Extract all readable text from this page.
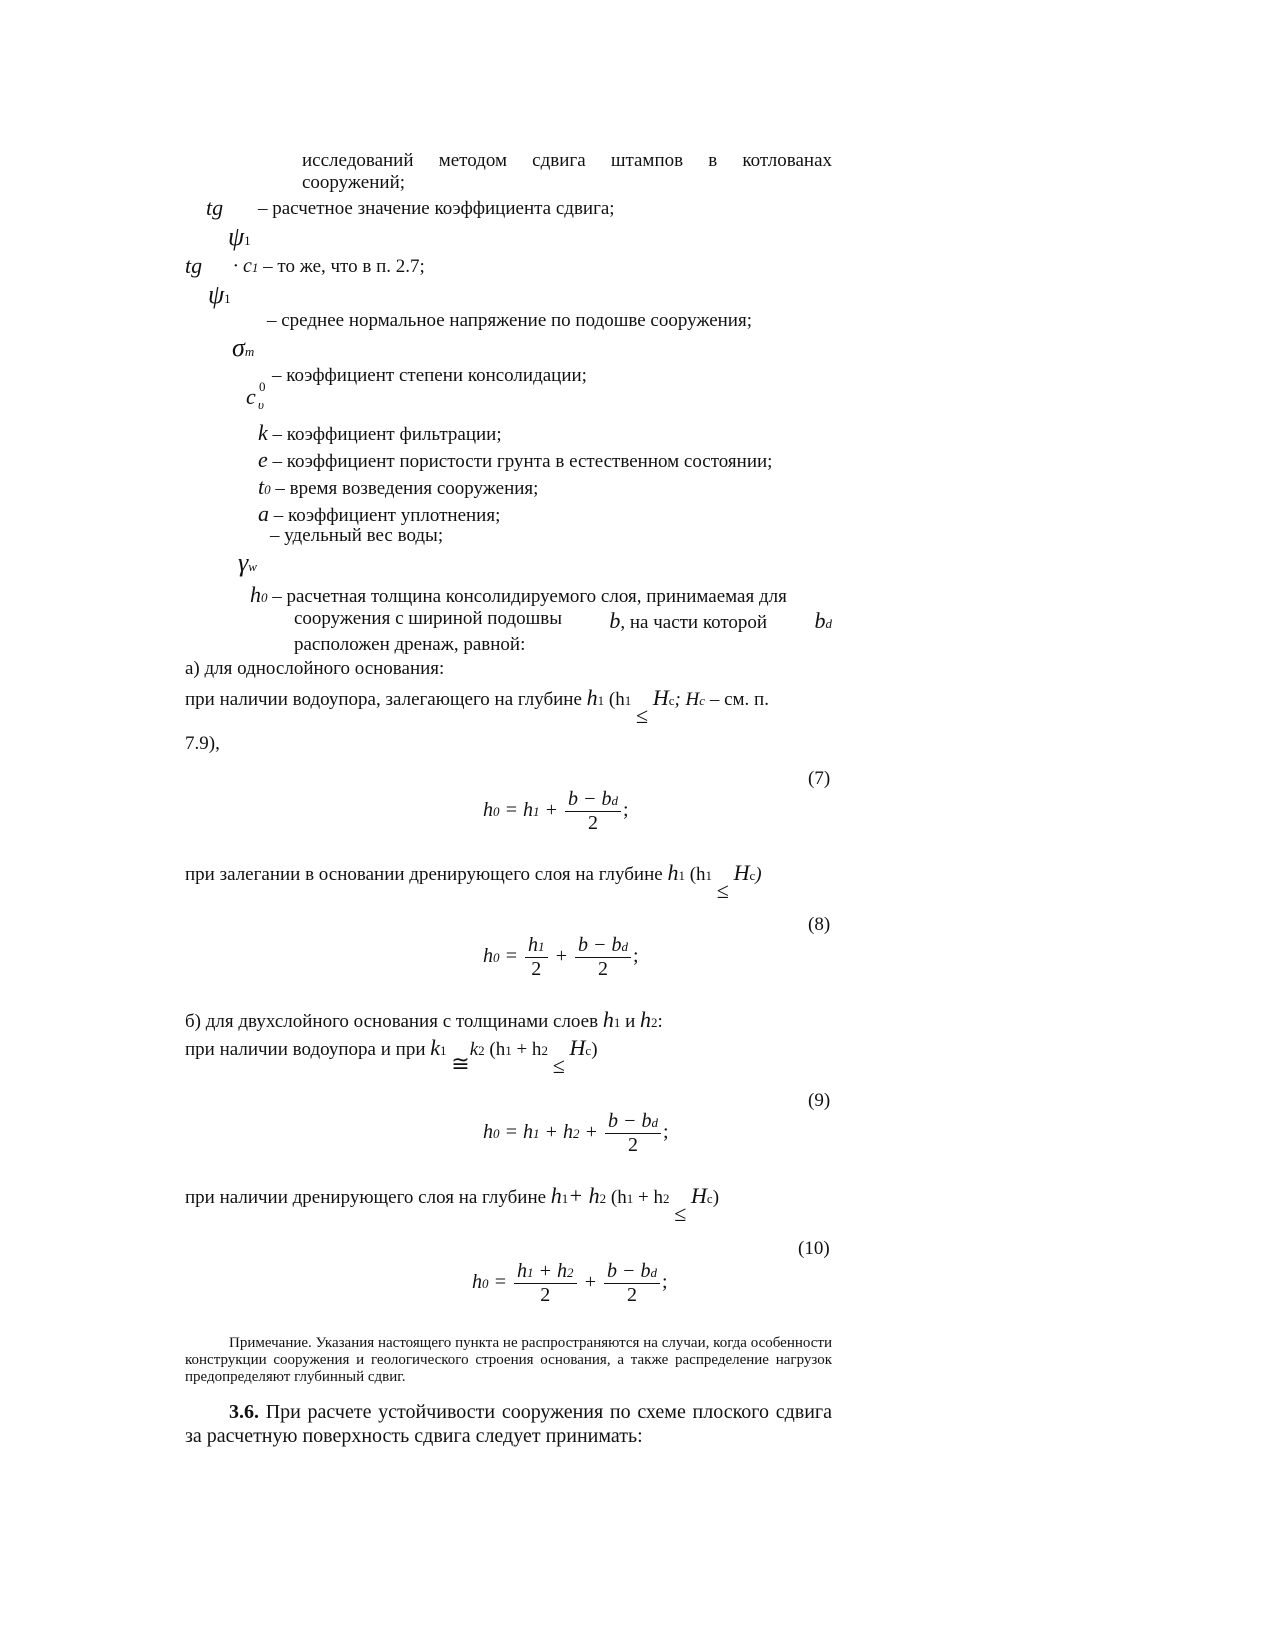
исследований методом сдвига штампов в котлованах сооружений;
tg
ψ1
– расчетное значение коэффициента сдвига;
tg
ψ1
· c1 – то же, что в п. 2.7;
– среднее нормальное напряжение по подошве сооружения;
σm
– коэффициент степени консолидации;
c 0
υ
k – коэффициент фильтрации;
e – коэффициент пористости грунта в естественном состоянии;
t0 – время возведения сооружения;
a – коэффициент уплотнения;
– удельный вес воды;
γw
h0 – расчетная толщина консолидируемого слоя, принимаемая для
сооружения с шириной подошвы b, на части которой bd
расположен дренаж, равной:
а) для однослойного основания:
при наличии водоупора, залегающего на глубине h1 (h1 ≤ Hc; Hc – см. п.
7.9),
(7)
$h0 = h1 + \frac{b - bd}{2}$ ;
при залегании в основании дренирующего слоя на глубине h1 (h1 ≤ Hc)
(8)
$h0 = \frac{h1}{2} + \frac{b - bd}{2}$ ;
б) для двухслойного основания с толщинами слоев h1 и h2:
при наличии водоупора и при k1 ≅k2 (h1 + h2 ≤ Hc)
(9)
$h0 = h1 + h2 + \frac{b - bd}{2}$ ;
при наличии дренирующего слоя на глубине h1+ h2 (h1 + h2 ≤ Hc)
(10)
$h0 = \frac{h1 + h2}{2} + \frac{b - bd}{2}$ ;
Примечание. Указания настоящего пункта не распространяются на случаи, когда особенности конструкции сооружения и геологического строения основания, а также распределение нагрузок предопределяют глубинный сдвиг.
3.6. При расчете устойчивости сооружения по схеме плоского сдвига за расчетную поверхность сдвига следует принимать:
